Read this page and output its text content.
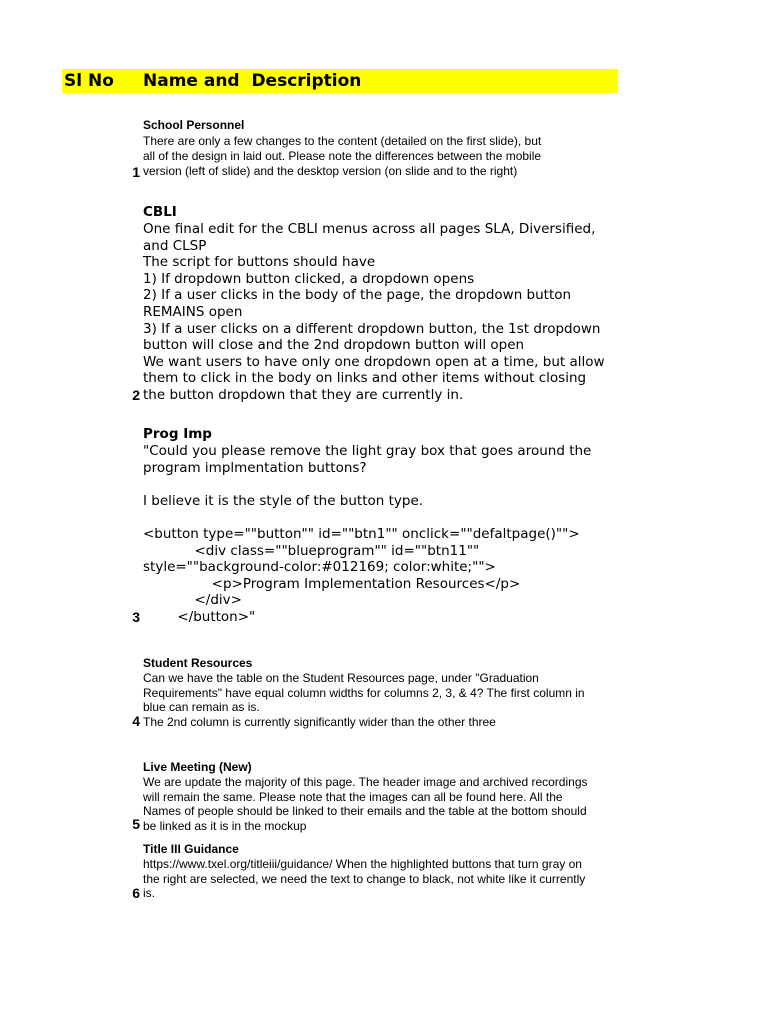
Sl No Name and  Description
School Personnel
There are only a few changes to the content (detailed on the first slide), but
all of the design in laid out. Please note the differences between the mobile
version (left of slide) and the desktop version (on slide and to the right)
1
CBLI
One final edit for the CBLI menus across all pages SLA, Diversified,
and CLSP
The script for buttons should have
1) If dropdown button clicked, a dropdown opens
2) If a user clicks in the body of the page, the dropdown button
REMAINS open
3) If a user clicks on a different dropdown button, the 1st dropdown
button will close and the 2nd dropdown button will open
We want users to have only one dropdown open at a time, but allow
them to click in the body on links and other items without closing
the button dropdown that they are currently in.
2
Prog Imp
"Could you please remove the light gray box that goes around the
program implmentation buttons?

I believe it is the style of the button type.

<button type=""button"" id=""btn1"" onclick=""defaltpage()"">
<div class=""blueprogram"" id=""btn11""
style=""background-color:#012169; color:white;"">
<p>Program Implementation Resources</p>
</div>
</button>"
3
Student Resources
Can we have the table on the Student Resources page, under "Graduation
Requirements" have equal column widths for columns 2, 3, & 4? The first column in
blue can remain as is.
The 2nd column is currently significantly wider than the other three
4
Live Meeting (New)
We are update the majority of this page. The header image and archived recordings
will remain the same. Please note that the images can all be found here. All the
Names of people should be linked to their emails and the table at the bottom should
be linked as it is in the mockup
5
Title III Guidance
https://www.txel.org/titleiii/guidance/ When the highlighted buttons that turn gray on
the right are selected, we need the text to change to black, not white like it currently
is.
6
